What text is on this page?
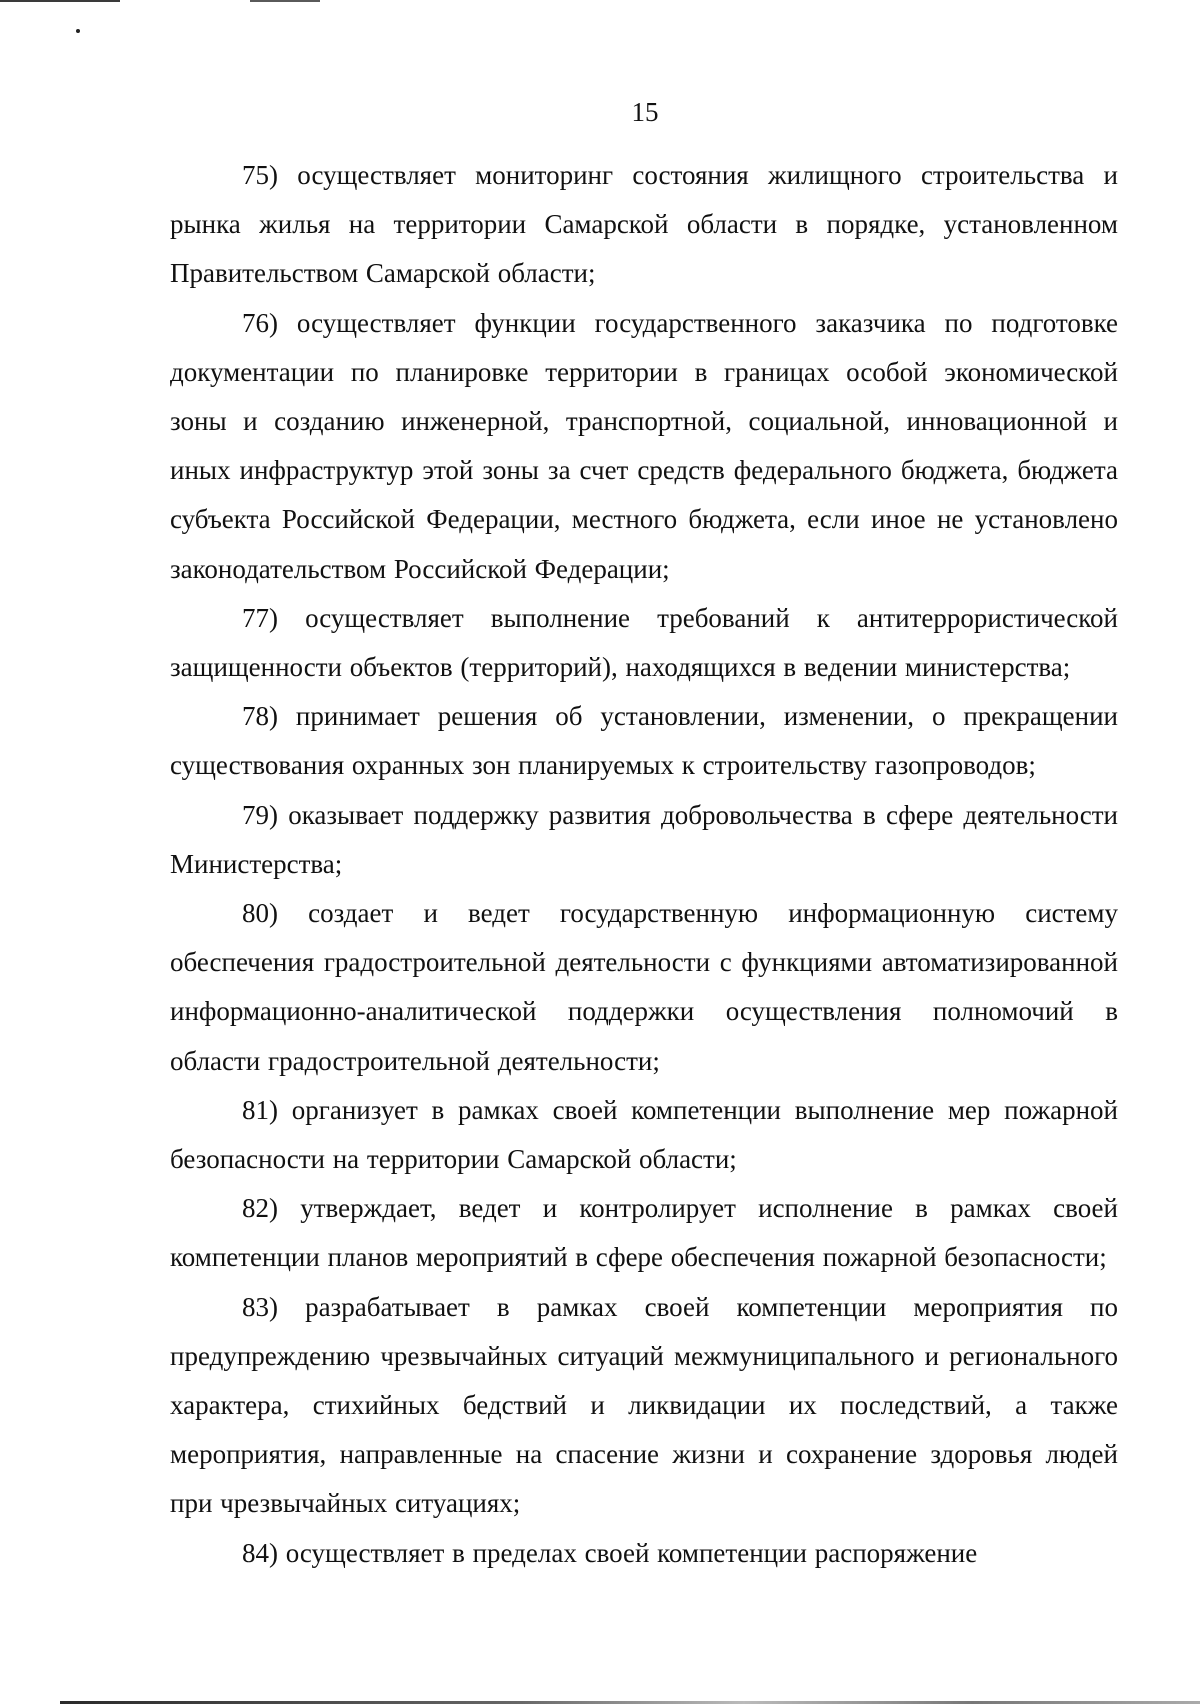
15

75) осуществляет мониторинг состояния жилищного строительства и рынка жилья на территории Самарской области в порядке, установленном Правительством Самарской области;

76) осуществляет функции государственного заказчика по подготовке документации по планировке территории в границах особой экономической зоны и созданию инженерной, транспортной, социальной, инновационной и иных инфраструктур этой зоны за счет средств федерального бюджета, бюджета субъекта Российской Федерации, местного бюджета, если иное не установлено законодательством Российской Федерации;

77) осуществляет выполнение требований к антитеррористической защищенности объектов (территорий), находящихся в ведении министерства;

78) принимает решения об установлении, изменении, о прекращении существования охранных зон планируемых к строительству газопроводов;

79) оказывает поддержку развития добровольчества в сфере деятельности Министерства;

80) создает и ведет государственную информационную систему обеспечения градостроительной деятельности с функциями автоматизированной информационно-аналитической поддержки осуществления полномочий в области градостроительной деятельности;

81) организует в рамках своей компетенции выполнение мер пожарной безопасности на территории Самарской области;

82) утверждает, ведет и контролирует исполнение в рамках своей компетенции планов мероприятий в сфере обеспечения пожарной безопасности;

83) разрабатывает в рамках своей компетенции мероприятия по предупреждению чрезвычайных ситуаций межмуниципального и регионального характера, стихийных бедствий и ликвидации их последствий, а также мероприятия, направленные на спасение жизни и сохранение здоровья людей при чрезвычайных ситуациях;

84) осуществляет в пределах своей компетенции распоряжение
